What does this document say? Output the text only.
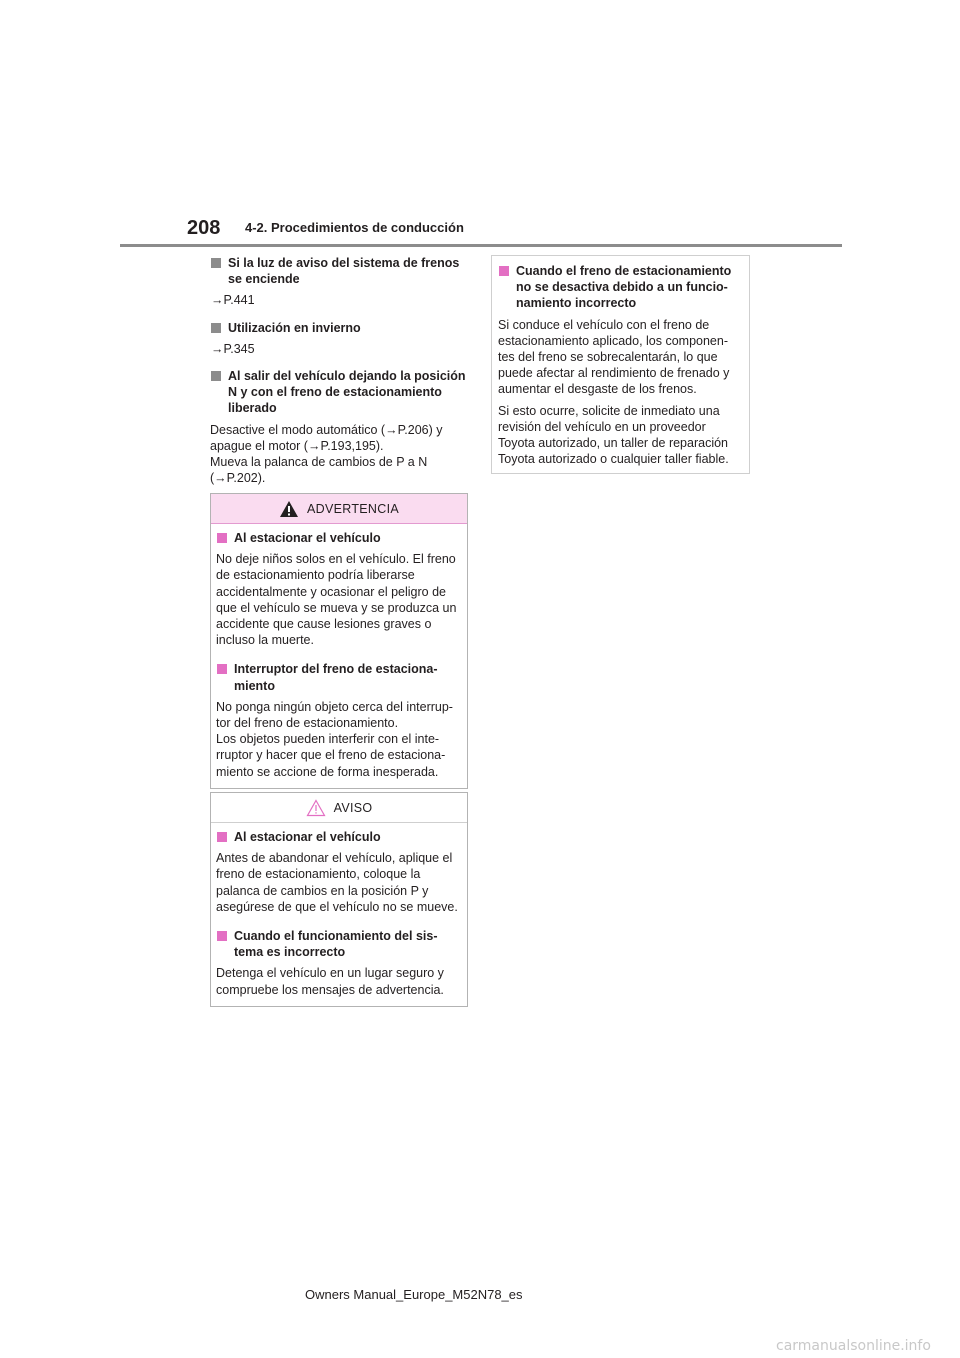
208 4-2. Procedimientos de conducción
Si la luz de aviso del sistema de frenos se enciende
→P.441
Utilización en invierno
→P.345
Al salir del vehículo dejando la posición N y con el freno de estacionamiento liberado
Desactive el modo automático (→P.206) y
apague el motor (→P.193,195).
Mueva la palanca de cambios de P a N
(→P.202).
ADVERTENCIA
Al estacionar el vehículo
No deje niños solos en el vehículo. El freno de estacionamiento podría liberarse accidentalmente y ocasionar el peligro de que el vehículo se mueva y se produzca un accidente que cause lesiones graves o incluso la muerte.
Interruptor del freno de estaciona-miento
No ponga ningún objeto cerca del interrup-
tor del freno de estacionamiento.
Los objetos pueden interferir con el inte-
rruptor y hacer que el freno de estaciona-
miento se accione de forma inesperada.
AVISO
Al estacionar el vehículo
Antes de abandonar el vehículo, aplique el freno de estacionamiento, coloque la palanca de cambios en la posición P y asegúrese de que el vehículo no se mueve.
Cuando el funcionamiento del sis-tema es incorrecto
Detenga el vehículo en un lugar seguro y compruebe los mensajes de advertencia.
Cuando el freno de estacionamiento no se desactiva debido a un funcio-namiento incorrecto
Si conduce el vehículo con el freno de estacionamiento aplicado, los componen-tes del freno se sobrecalentarán, lo que puede afectar al rendimiento de frenado y aumentar el desgaste de los frenos.
Si esto ocurre, solicite de inmediato una revisión del vehículo en un proveedor Toyota autorizado, un taller de reparación Toyota autorizado o cualquier taller fiable.
Owners Manual_Europe_M52N78_es
carmanualsonline.info
